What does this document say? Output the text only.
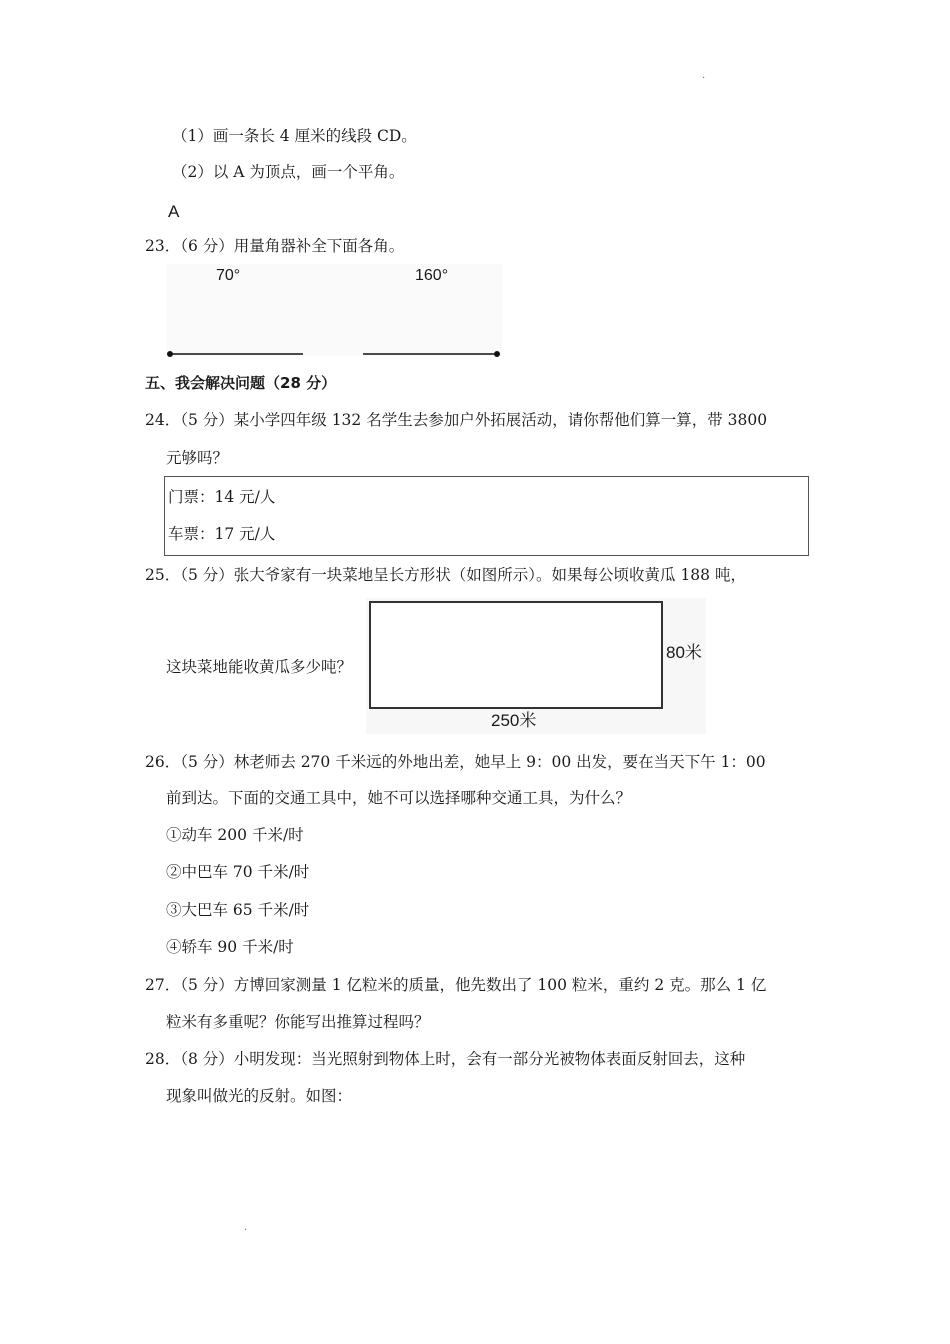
.
（1）画一条长 4 厘米的线段 CD。
（2）以 A 为顶点，画一个平角。
A
23．（6 分）用量角器补全下面各角。
70°	160°
五、我会解决问题（28 分）
24．（5 分）某小学四年级 132 名学生去参加户外拓展活动，请你帮他们算一算，带 3800
元够吗？
门票：14 元/人
车票：17 元/人
25．（5 分）张大爷家有一块菜地呈长方形状（如图所示）。如果每公顷收黄瓜 188 吨，
这块菜地能收黄瓜多少吨？
80米
250米
26．（5 分）林老师去 270 千米远的外地出差，她早上 9：00 出发，要在当天下午 1：00
前到达。下面的交通工具中，她不可以选择哪种交通工具，为什么？
①动车 200 千米/时
②中巴车 70 千米/时
③大巴车 65 千米/时
④轿车 90 千米/时
27．（5 分）方博回家测量 1 亿粒米的质量，他先数出了 100 粒米，重约 2 克。那么 1 亿
粒米有多重呢？你能写出推算过程吗？
28．（8 分）小明发现：当光照射到物体上时，会有一部分光被物体表面反射回去，这种
现象叫做光的反射。如图：
.
